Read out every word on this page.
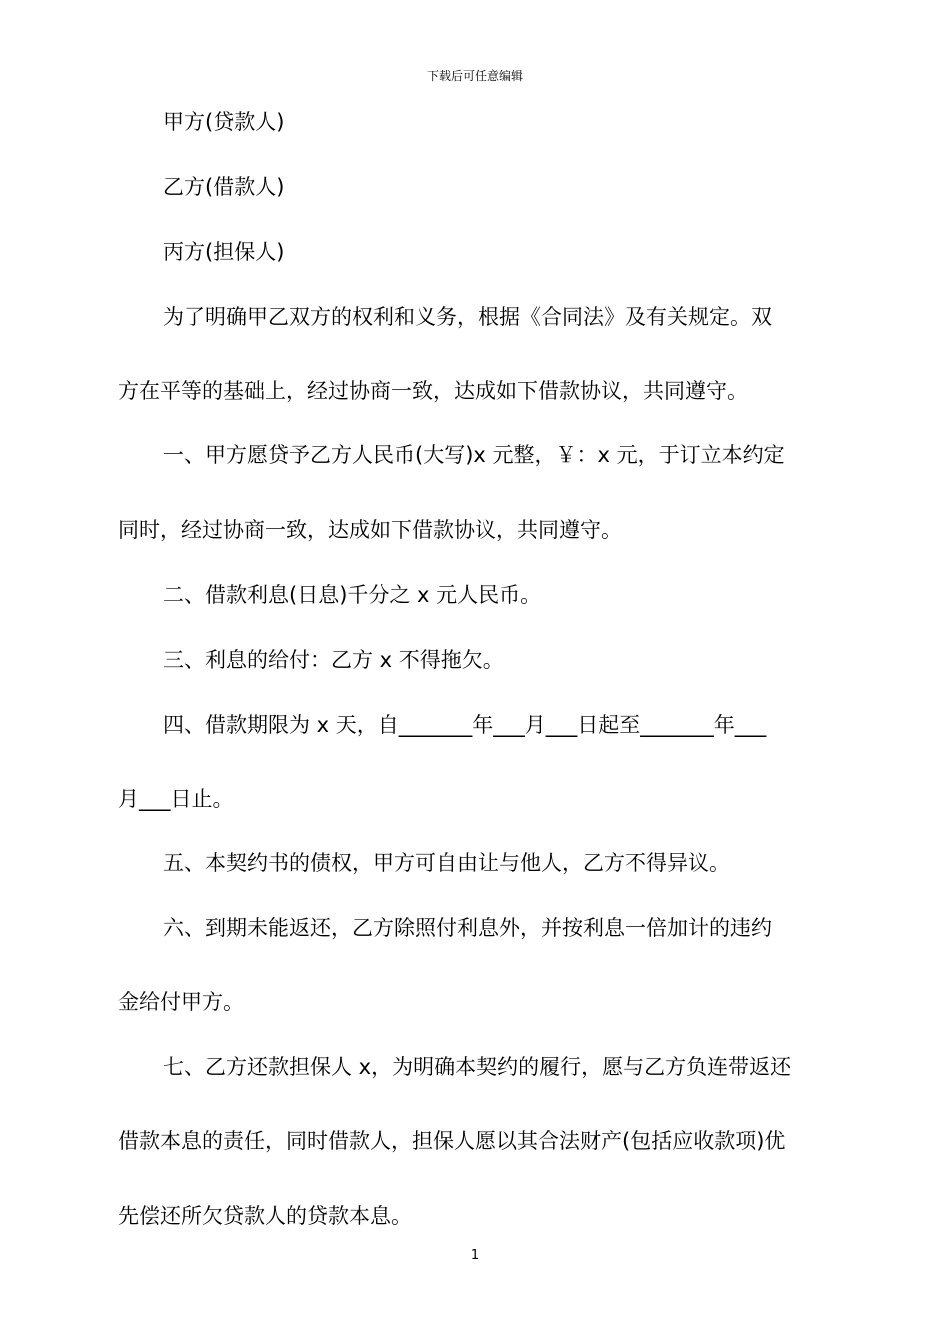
下载后可任意编辑
甲方(贷款人)
乙方(借款人)
丙方(担保人)
为了明确甲乙双方的权利和义务，根据《合同法》及有关规定。双
方在平等的基础上，经过协商一致，达成如下借款协议，共同遵守。
一、甲方愿贷予乙方人民币(大写)x 元整，￥：x 元，于订立本约定
同时，经过协商一致，达成如下借款协议，共同遵守。
二、借款利息(日息)千分之 x 元人民币。
三、利息的给付：乙方 x 不得拖欠。
四、借款期限为 x 天，自_______年___月___日起至_______年___
月___日止。
五、本契约书的债权，甲方可自由让与他人，乙方不得异议。
六、到期未能返还，乙方除照付利息外，并按利息一倍加计的违约
金给付甲方。
七、乙方还款担保人 x，为明确本契约的履行，愿与乙方负连带返还
借款本息的责任，同时借款人，担保人愿以其合法财产(包括应收款项)优
先偿还所欠贷款人的贷款本息。
1
